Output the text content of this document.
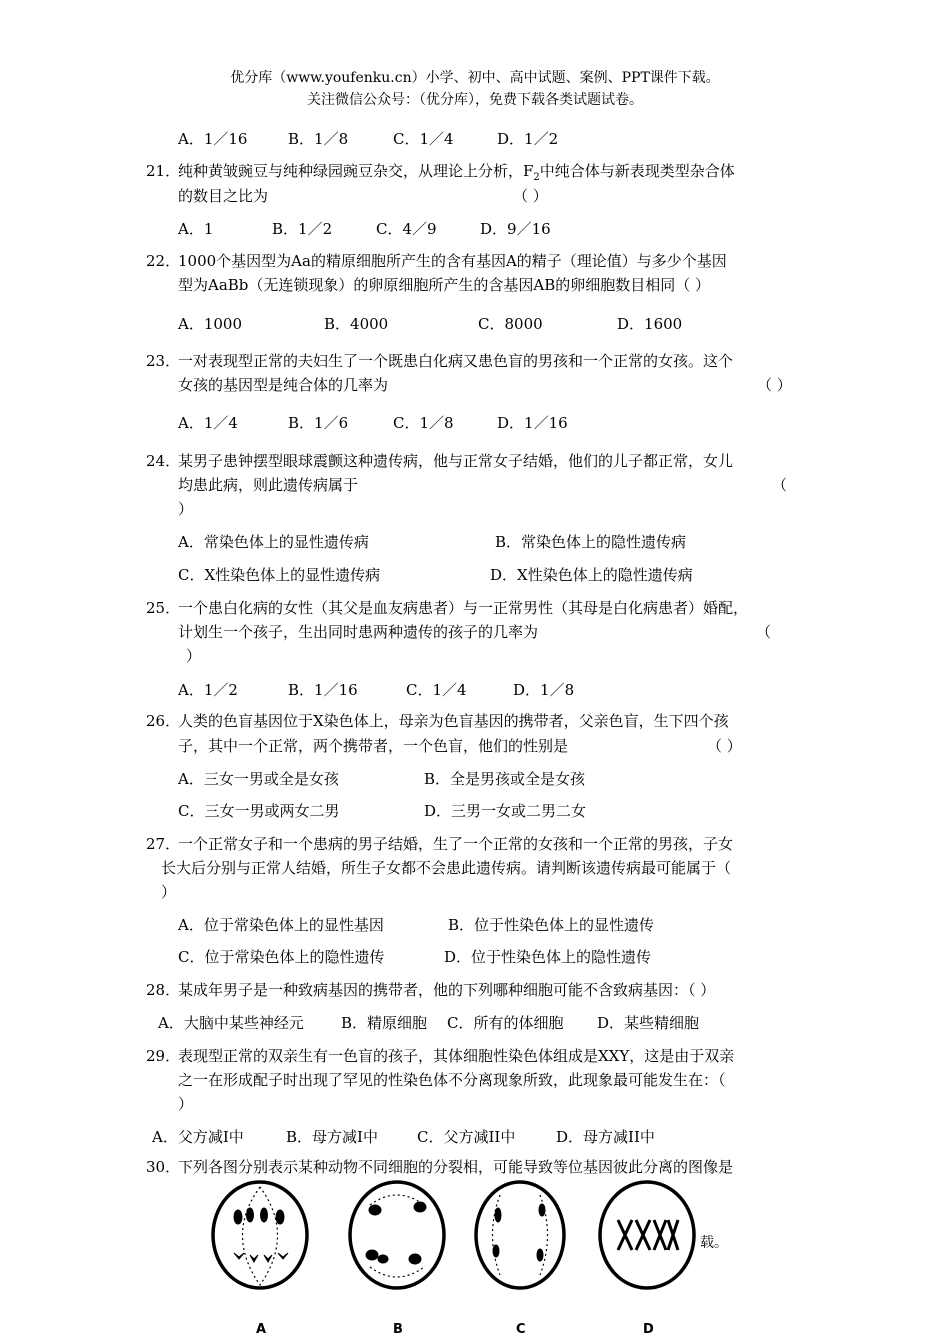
优分库（www.youfenku.cn）小学、初中、高中试题、案例、PPT课件下载。
关注微信公众号：（优分库），免费下载各类试题试卷。
A．1／16	B．1／8	C．1／4	D．1／2
21．
纯种黄皱豌豆与纯种绿园豌豆杂交，从理论上分析，$F_2$中纯合体与新表现类型杂合体
的数目之比为	（ ）
A．1	B．1／2	C．4／9	D．9／16
22．
1000个基因型为Aa的精原细胞所产生的含有基因A的精子（理论值）与多少个基因
型为AaBb（无连锁现象）的卵原细胞所产生的含基因AB的卵细胞数目相同（ ）
A．1000	B．4000	C．8000	D．1600
23．
一对表现型正常的夫妇生了一个既患白化病又患色盲的男孩和一个正常的女孩。这个
女孩的基因型是纯合体的几率为	（ ）
A．1／4	B．1／6	C．1／8	D．1／16
24．
某男子患钟摆型眼球震颤这种遗传病，他与正常女子结婚，他们的儿子都正常，女儿
均患此病，则此遗传病属于	（
）
A．常染色体上的显性遗传病	B．常染色体上的隐性遗传病
C．X性染色体上的显性遗传病	D．X性染色体上的隐性遗传病
25．
一个患白化病的女性（其父是血友病患者）与一正常男性（其母是白化病患者）婚配，
计划生一个孩子，生出同时患两种遗传的孩子的几率为	（
）
A．1／2	B．1／16	C．1／4	D．1／8
26．
人类的色盲基因位于X染色体上，母亲为色盲基因的携带者，父亲色盲，生下四个孩
子，其中一个正常，两个携带者，一个色盲，他们的性别是	（ ）
A．三女一男或全是女孩	B．全是男孩或全是女孩
C．三女一男或两女二男	D．三男一女或二男二女
27．
一个正常女子和一个患病的男子结婚，生了一个正常的女孩和一个正常的男孩，子女
长大后分别与正常人结婚，所生子女都不会患此遗传病。请判断该遗传病最可能属于（
）
A．位于常染色体上的显性基因	B．位于性染色体上的显性遗传
C．位于常染色体上的隐性遗传	D．位于性染色体上的隐性遗传
28．
某成年男子是一种致病基因的携带者，他的下列哪种细胞可能不含致病基因：（ ）
A．大脑中某些神经元 B．精原细胞 C．所有的体细胞 D．某些精细胞
29．
表现型正常的双亲生有一色盲的孩子，其体细胞性染色体组成是XXY，这是由于双亲
之一在形成配子时出现了罕见的性染色体不分离现象所致，此现象最可能发生在：（
）
A．父方减I中	B．母方减I中	C．父方减II中	D．母方减II中
30．
下列各图分别表示某种动物不同细胞的分裂相，可能导致等位基因彼此分离的图像是
载。
A	B	C	D
